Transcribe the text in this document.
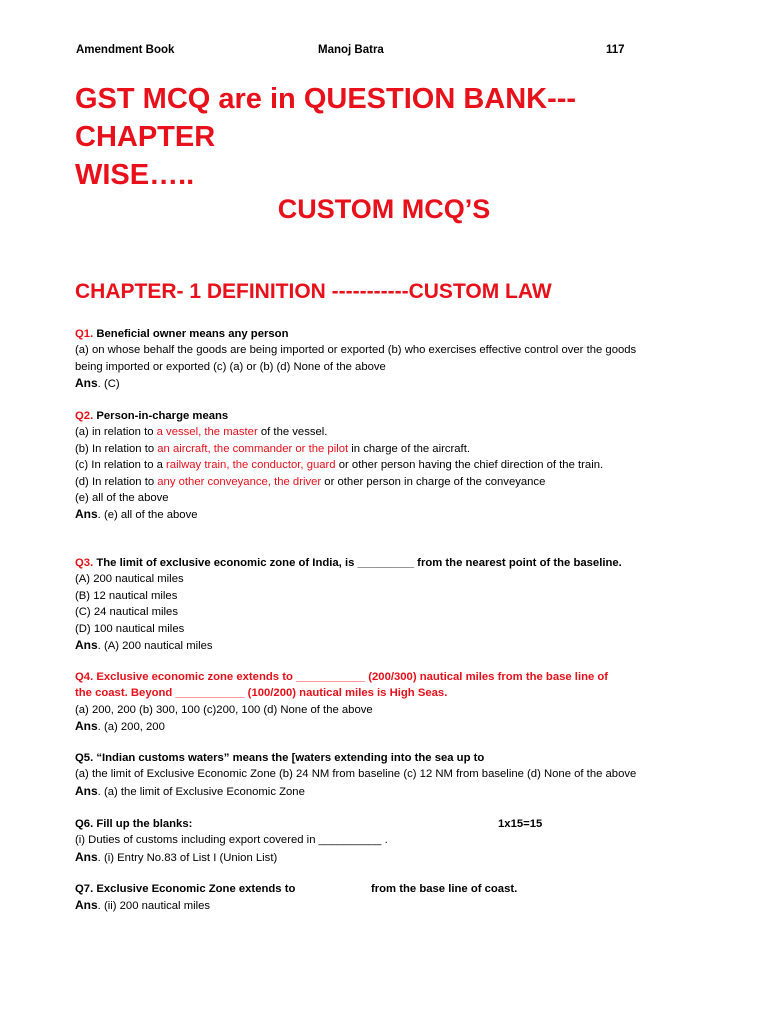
Amendment Book	Manoj Batra	117
GST MCQ are in QUESTION BANK--- CHAPTER
WISE…..
CUSTOM MCQ’S
CHAPTER- 1 DEFINITION -----------CUSTOM LAW
Q1. Beneficial owner means any person
(a) on whose behalf the goods are being imported or exported (b) who exercises effective control over the goods
being imported or exported (c) (a) or (b) (d) None of the above
Ans. (C)
Q2. Person-in-charge means
(a) in relation to a vessel, the master of the vessel.
(b) In relation to an aircraft, the commander or the pilot in charge of the aircraft.
(c) In relation to a railway train, the conductor, guard or other person having the chief direction of the train.
(d) In relation to any other conveyance, the driver or other person in charge of the conveyance
(e) all of the above
Ans. (e) all of the above
Q3. The limit of exclusive economic zone of India, is _________ from the nearest point of the baseline.
(A) 200 nautical miles
(B) 12 nautical miles
(C) 24 nautical miles
(D) 100 nautical miles
Ans. (A) 200 nautical miles
Q4. Exclusive economic zone extends to ___________ (200/300) nautical miles from the base line of
the coast. Beyond ___________ (100/200) nautical miles is High Seas.
(a) 200, 200 (b) 300, 100 (c)200, 100 (d) None of the above
Ans. (a) 200, 200
Q5. “Indian customs waters” means the [waters extending into the sea up to
(a) the limit of Exclusive Economic Zone (b) 24 NM from baseline (c) 12 NM from baseline (d) None of the above
Ans. (a) the limit of Exclusive Economic Zone
Q6. Fill up the blanks:	1x15=15
(i) Duties of customs including export covered in __________ .
Ans. (i) Entry No.83 of List I (Union List)
Q7. Exclusive Economic Zone extends to	from the base line of coast.
Ans. (ii) 200 nautical miles
